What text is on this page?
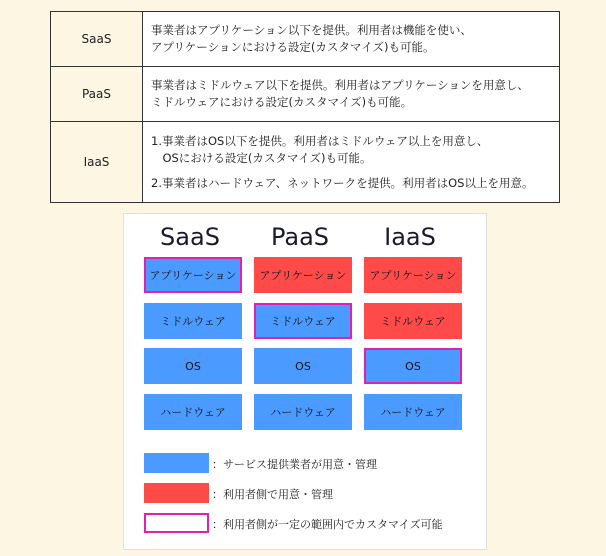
SaaS	事業者はアプリケーション以下を提供。利用者は機能を使い、
アプリケーションにおける設定(カスタマイズ)も可能。

PaaS	事業者はミドルウェア以下を提供。利用者はアプリケーションを用意し、
ミドルウェアにおける設定(カスタマイズ)も可能。

IaaS	1.事業者はOS以下を提供。利用者はミドルウェア以上を用意し、
　OSにおける設定(カスタマイズ)も可能。
2.事業者はハードウェア、ネットワークを提供。利用者はOS以上を用意。
SaaS	PaaS	IaaS
アプリケーション	アプリケーション	アプリケーション
ミドルウェア	ミドルウェア	ミドルウェア
OS	OS	OS
ハードウェア	ハードウェア	ハードウェア
：サービス提供業者が用意・管理
：利用者側で用意・管理
：利用者側が一定の範囲内でカスタマイズ可能
